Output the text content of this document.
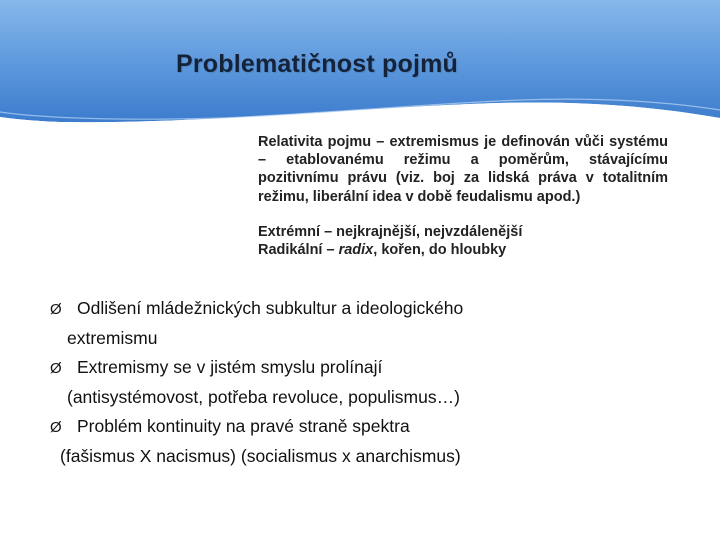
Problematičnost pojmů

Relativita pojmu – extremismus je definován vůči systému – etablovanému režimu a poměrům, stávajícímu pozitivnímu právu (viz. boj za lidská práva v totalitním režimu, liberální idea v době feudalismu apod.)

Extrémní – nejkrajnější, nejvzdálenější

Radikální – radix, kořen, do hloubky

Ø Odlišení mládežnických subkultur a ideologického
extremismu
Ø Extremismy se v jistém smyslu prolínají
(antisystémovost, potřeba revoluce, populismus…)
Ø Problém kontinuity na pravé straně spektra
(fašismus X nacismus) (socialismus x anarchismus)
